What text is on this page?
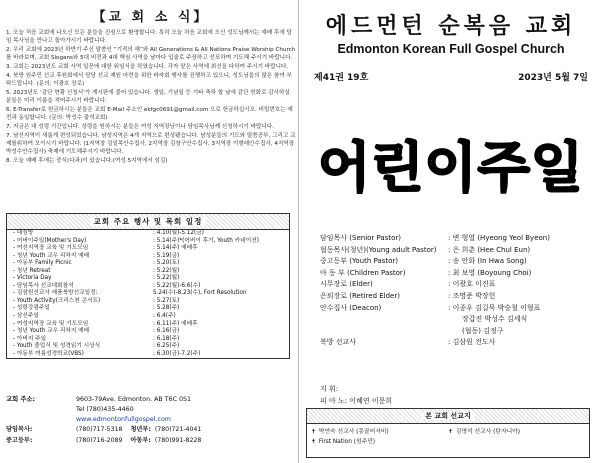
【교 회 소 식】

1. 오늘 처음 교회에 나오신 모든 분들을 진심으로 환영합니다. 특히 오늘 처음 교회에 오신 성도님께서는 예배 후에 담임 목사님을 만나고 돌아가시기 바랍니다.

2. 우리 교회에 2023년 하반기 주신 말씀인 “기적의 해”와 All Generations & All Nations Praise Worship Church를 바라보며, 교회 Slogans와 5대 비전과 4대 핵심 사역을 날마다 입술로 주장하고 선포하며 기도해 주시기 바랍니다.

3. 교회는 2023년도 교회 사역 일꾼에 대한 위임식을 하였습니다. 각자 맡은 사역에 최선을 다하여 주시기 바랍니다.

4. 북방 원주민 선교 후원회에서 담당 선교 재원 마련을 위한 바자회 행사를 진행하고 있으니, 성도님들의 많은 참여 부탁드립니다. (문의: 이광호 장로)

5. 2023년도 ‘감단 현황 신청서’가 게시판에 붙어 있습니다. 생일, 기념일 등 기타 축하 할 날에 감단 헌화로 감사하실 분들은 미리 이름을 적어주시기 바랍니다.

6. E-Transfer로 헌금하시는 분들은 교회 E-Mail 주소인 ekfgc0691@gmail.com 으로 헌금하십시오. 비밀번호는 예전과 동일합니다. (문의: 박성수 출석교회)

7. 지금은 대 성령 기간입니다. 성령을 원하시는 분들은 여성 지역장님이나 담임목사님께 신청하시기 바랍니다.

7. 남선지역이 새롭게 편성되었습니다. 남성지역은 4개 지역으로 편성됐습니다. 남성분들의 기도와 말씀공부, 그리고 교제를위하여 모이시기 바랍니다. (1지역장 김일목안수집사, 2지역장 김창구안수집사, 3지역장 이형래안수집사, 4지역장 박성수안수집사) 축제에 기도해주시기 바랍니다.

8. 오늘 예배 후에는 중식(다과)이 있습니다.(여성 5지역에서 섬김)

교회 주요 행사 및 목회 일정
- 대심방	: 4.10(월)-5.12(금)
- 어버이주일(Mother's Day)	: 5.14(주)*(어버이 후기, Youth 카네이션)
- 여선지역장 교육 및 기도모임	: 5.14(주) 예배후
- 청년 Youth 교우 리차지 예배	: 5.19(금)
- 아동부 Family Picnic	: 5.20(토)
- 청년 Retreat	: 5.22(월)
- Victoria Day	: 5.22(월)
- 담임목사 선교대회참석	: 5.22(월)-6.6(수)
- 김삼원선교사 예품북방선교일정:	5.24(수)-8.23(수), Fort Resolution
- Youth Activity(크리스천 콘서트)	: 5.27(토)
- 성령강림주일	: 5.28(주)
- 삼선주일	: 6.4(주)
- 여성지역장 교육 및 기도모임	: 6.11(주) 예배후
- 청년 Youth 교우 리차지 예배	: 6.16(금)
- 아버지 주일	: 6.18(주)
- Youth 졸업식 및 성경읽기 시상식	: 6.25(주)
- 아동부 여름성경학교(VBS)	: 6.30(금)-7.2(주)
교회 주소:	9603-79Ave. Edmonton. AB T6C 0S1
Tel (780)435-4460
www.edmontonfullgospel.com
담임목사:	(780)717-5318	청년부: (780)721-4041
중고등부:	(780)716-2089	아동부: (780)991-8228
에드먼턴 순복음 교회
Edmonton Korean Full Gospel Church
제41권 19호	2023년 5월 7일
어린이주일
담임목사 (Senior Pastor)	: 변 형열 (Hyeong Yeol Byeon)
협동목사(청년)(Young adult Pastor)	: 은 희춘 (Hee Chul Eun)
중고등부 (Youth Pastor)	: 송 안화 (In Hwa Song)
아 동 부 (Children Pastor)	: 최 보영 (Boyoung Choi)
시무장로 (Elder)	: 이광호 이진표
은퇴장로 (Retired Elder)	: 조명준 박장헌
안수집사 (Deacon)	: 이종우 김길묵 박승철 이형표
장갑진 박성수 김세식
(협동) 김정구
북방 선교사	: 김삼원 전도사
지 휘:
피 아 노: 이혜연 이문희
본 교회 선교지
✝ 박연숙 선교사 (몽골어서비)	✝ 김명석 선교사 (탄자니아)
✝ First Nation (원주민)
